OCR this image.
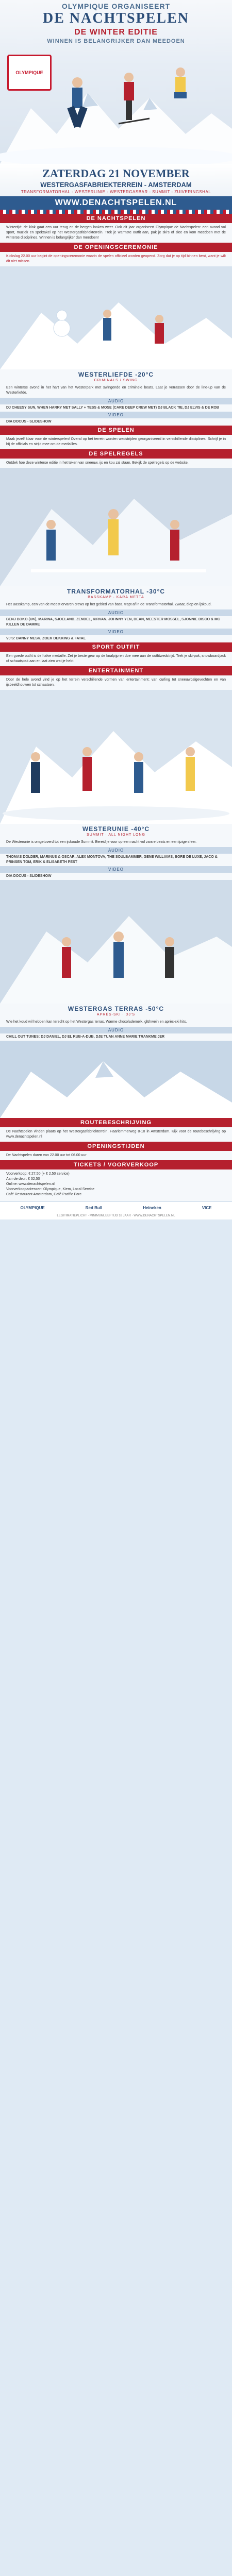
OLYMPIQUE ORGANISEERT
DE NACHTSPELEN
DE WINTER EDITIE
WINNEN IS BELANGRIJKER DAN MEEDOEN
OLYMPIQUE
ZATERDAG 21 NOVEMBER
WESTERGASFABRIEKTERREIN - AMSTERDAM
TRANSFORMATORHAL - WESTERLINIE - WESTERGASBAR - SUMMIT - ZUIVERINGSHAL
WWW.DENACHTSPELEN.NL
DE NACHTSPELEN
Wintertijd: de klok gaat een uur terug en de bergen lonken weer. Ook dit jaar organiseert Olympique de Nachtspelen: een avond vol sport, muziek en spektakel op het Westergasfabriekterrein. Trek je warmste outfit aan, pak je ski's of slee en kom meedoen met de winterse disciplines. Winnen is belangrijker dan meedoen!
DE OPENINGSCEREMONIE
Klokslag 22.00 uur begint de openingsceremonie waarin de spelen officieel worden geopend. Zorg dat je op tijd binnen bent, want je wilt dit niet missen.
WESTERLIEFDE -20°C
CRIMINALS / SWING
Een winterse avond in het hart van het Westerpark met swingende en criminele beats. Laat je verrassen door de line-up van de Westerliefde.
AUDIO
DJ CHEESY SUN, WHEN HARRY MET SALLY + TESS & MOSE (CARE DEEP CREW MET) DJ BLACK TIE, DJ ELVIS & DE ROB
VIDEO
DIA DOCUS - SLIDESHOW
DE SPELEN
Maak jezelf klaar voor de winterspelen! Overal op het terrein worden wedstrijden georganiseerd in verschillende disciplines. Schrijf je in bij de officials en strijd mee om de medailles.
DE SPELREGELS
Ontdek hoe deze winterse editie in het teken van sneeuw, ijs en kou zal staan. Bekijk de spelregels op de website.
TRANSFORMATORHAL -30°C
BASSKAMP · KARA METTA
Het Basskamp, een van de meest ervaren crews op het gebied van bass, trapt af in de Transformatorhal. Zwaar, diep en ijskoud.
AUDIO
BENJ BOKO (UK), MARINA, SJOELAND, ZENDEL, KIRVAN, JOHNNY YEN, DEAN, MEESTER MOSSEL, SJONNIE DISCO & MC KILLEN DE DAMME
VIDEO
VJ'S: DANNY MESK, ZOEK DEKKING & FATAL
SPORT OUTFIT
Een goede outfit is de halve medaille. Zet je beste gear op de knalpijp en doe mee aan de outfitwedstrijd. Trek je ski-pak, snowboardjack of schaatspak aan en laat zien wat je hebt.
ENTERTAINMENT
Door de hele avond vind je op het terrein verschillende vormen van entertainment: van curling tot sneeuwbalgevechten en van ijsbeeldhouwen tot schaatsen.
WESTERUNIE -40°C
SUMMIT · ALL NIGHT LONG
De Westerunie is omgetoverd tot een ijskoude Summit. Bereid je voor op een nacht vol zware beats en een ijzige sfeer.
AUDIO
THOMAS DOLDER, MARINUS & OSCAR, ALEX MONTOVA, THE SOULBAMMER, GENE WILLIAMS, BORE DE LUXE, JACO & PRINSEN TOM, ERIK & ELISABETH PEST
VIDEO
DIA DOCUS - SLIDESHOW
WESTERGAS TERRAS -50°C
APRÈS-SKI · DJ'S
Wie het koud wil hebben kan terecht op het Westergas terras. Warme chocolademelk, glühwein en après-ski hits.
AUDIO
CHILL OUT TUNES: DJ DANIEL, DJ EL RUB-A-DUB, DJE TUAN ANNE MARIE TRANKMEIJER
ROUTEBESCHRIJVING
De Nachtspelen vinden plaats op het Westergasfabriekterrein, Haarlemmerweg 8-10 in Amsterdam. Kijk voor de routebeschrijving op www.denachtspelen.nl
OPENINGSTIJDEN
De Nachtspelen duren van 22.00 uur tot 06.00 uur
TICKETS / VOORVERKOOP
Voorverkoop: € 27,50 (+ € 2,50 service)
Aan de deur: € 32,50
Online: www.denachtspelen.nl
Voorverkoopadressen: Olympique, Kiem, Local Service
Café Restaurant Amsterdam, Café Pacific Parc
OLYMPIQUE	Red Bull	Heineken	VICE
LEGITIMATIEPLICHT · MINIMUMLEEFTIJD 18 JAAR · WWW.DENACHTSPELEN.NL
